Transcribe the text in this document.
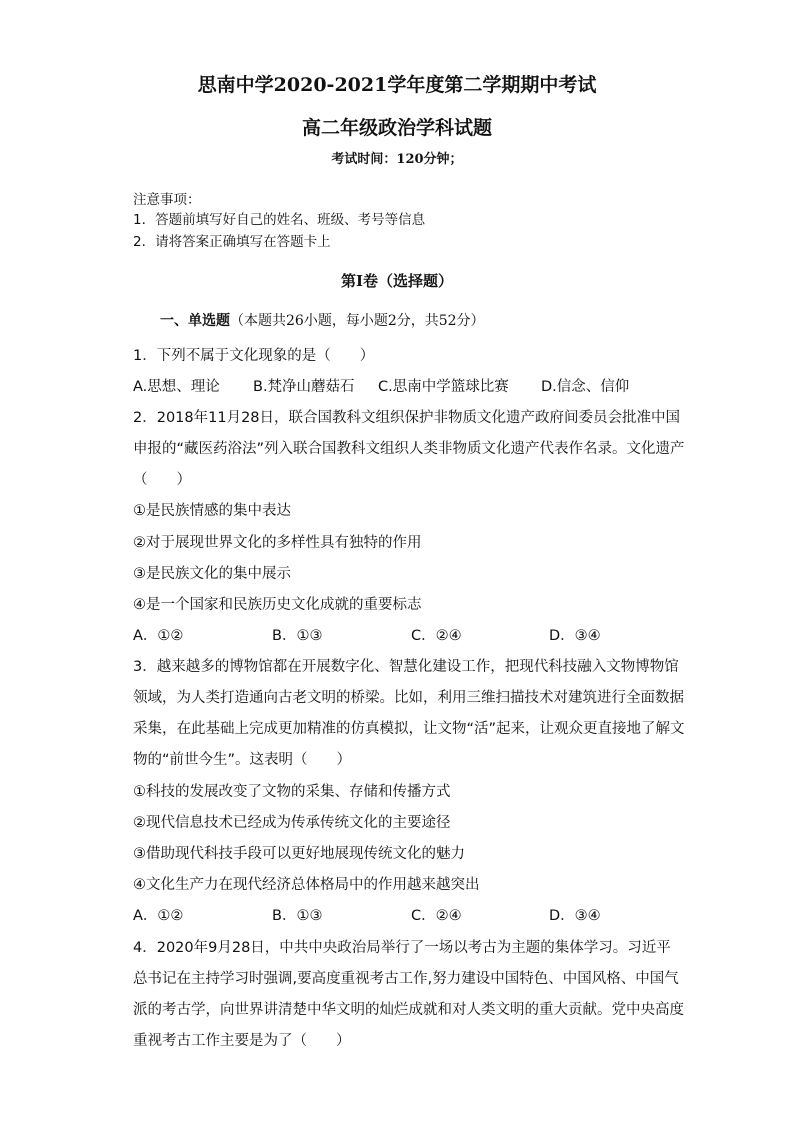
思南中学2020-2021学年度第二学期期中考试
高二年级政治学科试题
考试时间：120分钟；
注意事项：
1．答题前填写好自己的姓名、班级、考号等信息
2．请将答案正确填写在答题卡上
第I卷（选择题）
一、单选题（本题共26小题，每小题2分，共52分）
1．下列不属于文化现象的是（　　）
A.思想、理论 B.梵净山蘑菇石 C.思南中学篮球比赛 D.信念、信仰
2．2018年11月28日，联合国教科文组织保护非物质文化遗产政府间委员会批准中国
申报的“藏医药浴法”列入联合国教科文组织人类非物质文化遗产代表作名录。文化遗产
（　　）
①是民族情感的集中表达
②对于展现世界文化的多样性具有独特的作用
③是民族文化的集中展示
④是一个国家和民族历史文化成就的重要标志
A．①②	B．①③	C．②④	D．③④
3．越来越多的博物馆都在开展数字化、智慧化建设工作，把现代科技融入文物博物馆
领域，为人类打造通向古老文明的桥梁。比如，利用三维扫描技术对建筑进行全面数据
采集，在此基础上完成更加精准的仿真模拟，让文物“活”起来，让观众更直接地了解文
物的“前世今生”。这表明（　　）
①科技的发展改变了文物的采集、存储和传播方式
②现代信息技术已经成为传承传统文化的主要途径
③借助现代科技手段可以更好地展现传统文化的魅力
④文化生产力在现代经济总体格局中的作用越来越突出
A．①②	B．①③	C．②④	D．③④
4．2020年9月28日，中共中央政治局举行了一场以考古为主题的集体学习。习近平
总书记在主持学习时强调,要高度重视考古工作,努力建设中国特色、中国风格、中国气
派的考古学，向世界讲清楚中华文明的灿烂成就和对人类文明的重大贡献。党中央高度
重视考古工作主要是为了（　　）
